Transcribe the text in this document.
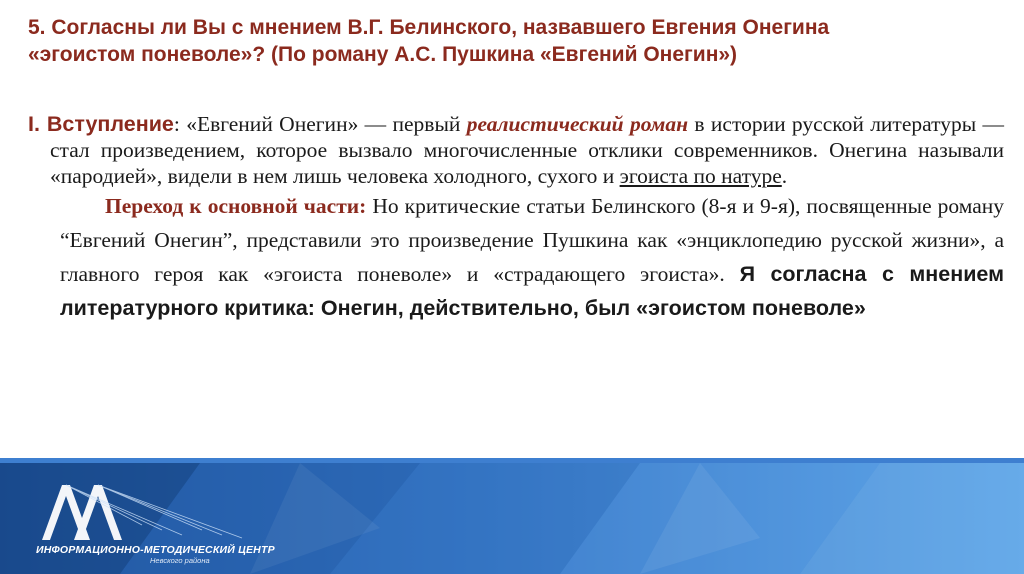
5. Согласны ли Вы с мнением В.Г. Белинского, назвавшего Евгения Онегина
«эгоистом поневоле»? (По роману А.С. Пушкина «Евгений Онегин»)

I. Вступление: «Евгений Онегин» — первый реалистический роман в истории русской литературы — стал произведением, которое вызвало многочисленные отклики современников. Онегина называли «пародией», видели в нем лишь человека холодного, сухого и эгоиста по натуре.

Переход к основной части: Но критические статьи Белинского (8-я и 9-я), посвященные роману “Евгений Онегин”, представили это произведение Пушкина как «энциклопедию русской жизни», а главного героя как «эгоиста поневоле» и «страдающего эгоиста». Я согласна с мнением литературного критика: Онегин, действительно, был «эгоистом поневоле»

ИНФОРМАЦИОННО-МЕТОДИЧЕСКИЙ ЦЕНТР
Невского района
